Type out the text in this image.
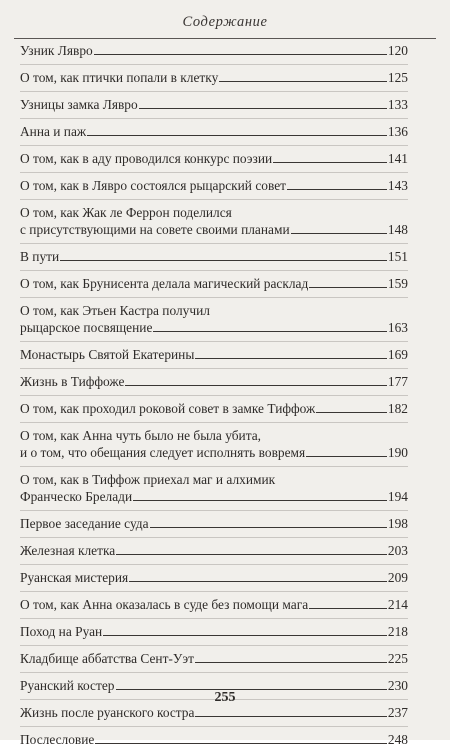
Содержание
Узник Лявро	120
О том, как птички попали в клетку	125
Узницы замка Лявро	133
Анна и паж	136
О том, как в аду проводился конкурс поэзии	141
О том, как в Лявро состоялся рыцарский совет	143
О том, как Жак ле Феррон поделился
с присутствующими на совете своими планами	148
В пути	151
О том, как Брунисента делала магический расклад	159
О том, как Этьен Кастра получил
рыцарское посвящение	163
Монастырь Святой Екатерины	169
Жизнь в Тиффоже	177
О том, как проходил роковой совет в замке Тиффож	182
О том, как Анна чуть было не была убита,
и о том, что обещания следует исполнять вовремя	190
О том, как в Тиффож приехал маг и алхимик
Франческо Брелади	194
Первое заседание суда	198
Железная клетка	203
Руанская мистерия	209
О том, как Анна оказалась в суде без помощи мага	214
Поход на Руан	218
Кладбище аббатства Сент-Уэт	225
Руанский костер	230
Жизнь после руанского костра	237
Послесловие	248
255
